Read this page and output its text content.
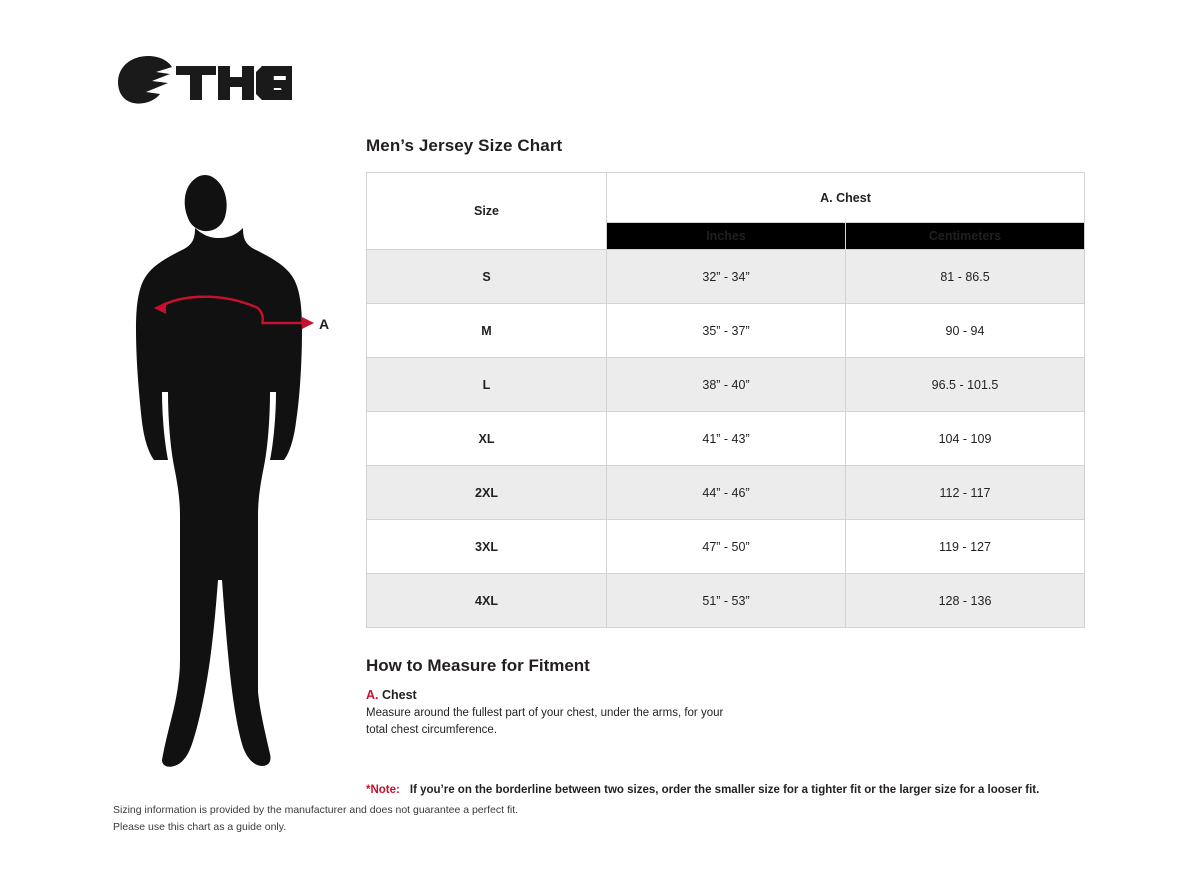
A
Men’s Jersey Size Chart
Size	A. Chest	
	Inches	Centimeters
S	32” - 34”	81 - 86.5
M	35” - 37”	90 - 94
L	38” - 40”	96.5 - 101.5
XL	41” - 43”	104 - 109
2XL	44” - 46”	112 - 117
3XL	47” - 50”	119 - 127
4XL	51” - 53”	128 - 136
How to Measure for Fitment
A. Chest
Measure around the fullest part of your chest, under the arms, for your
total chest circumference.
*Note: If you’re on the borderline between two sizes, order the smaller size for a tighter fit or the larger size for a looser fit.
Sizing information is provided by the manufacturer and does not guarantee a perfect fit.
Please use this chart as a guide only.
